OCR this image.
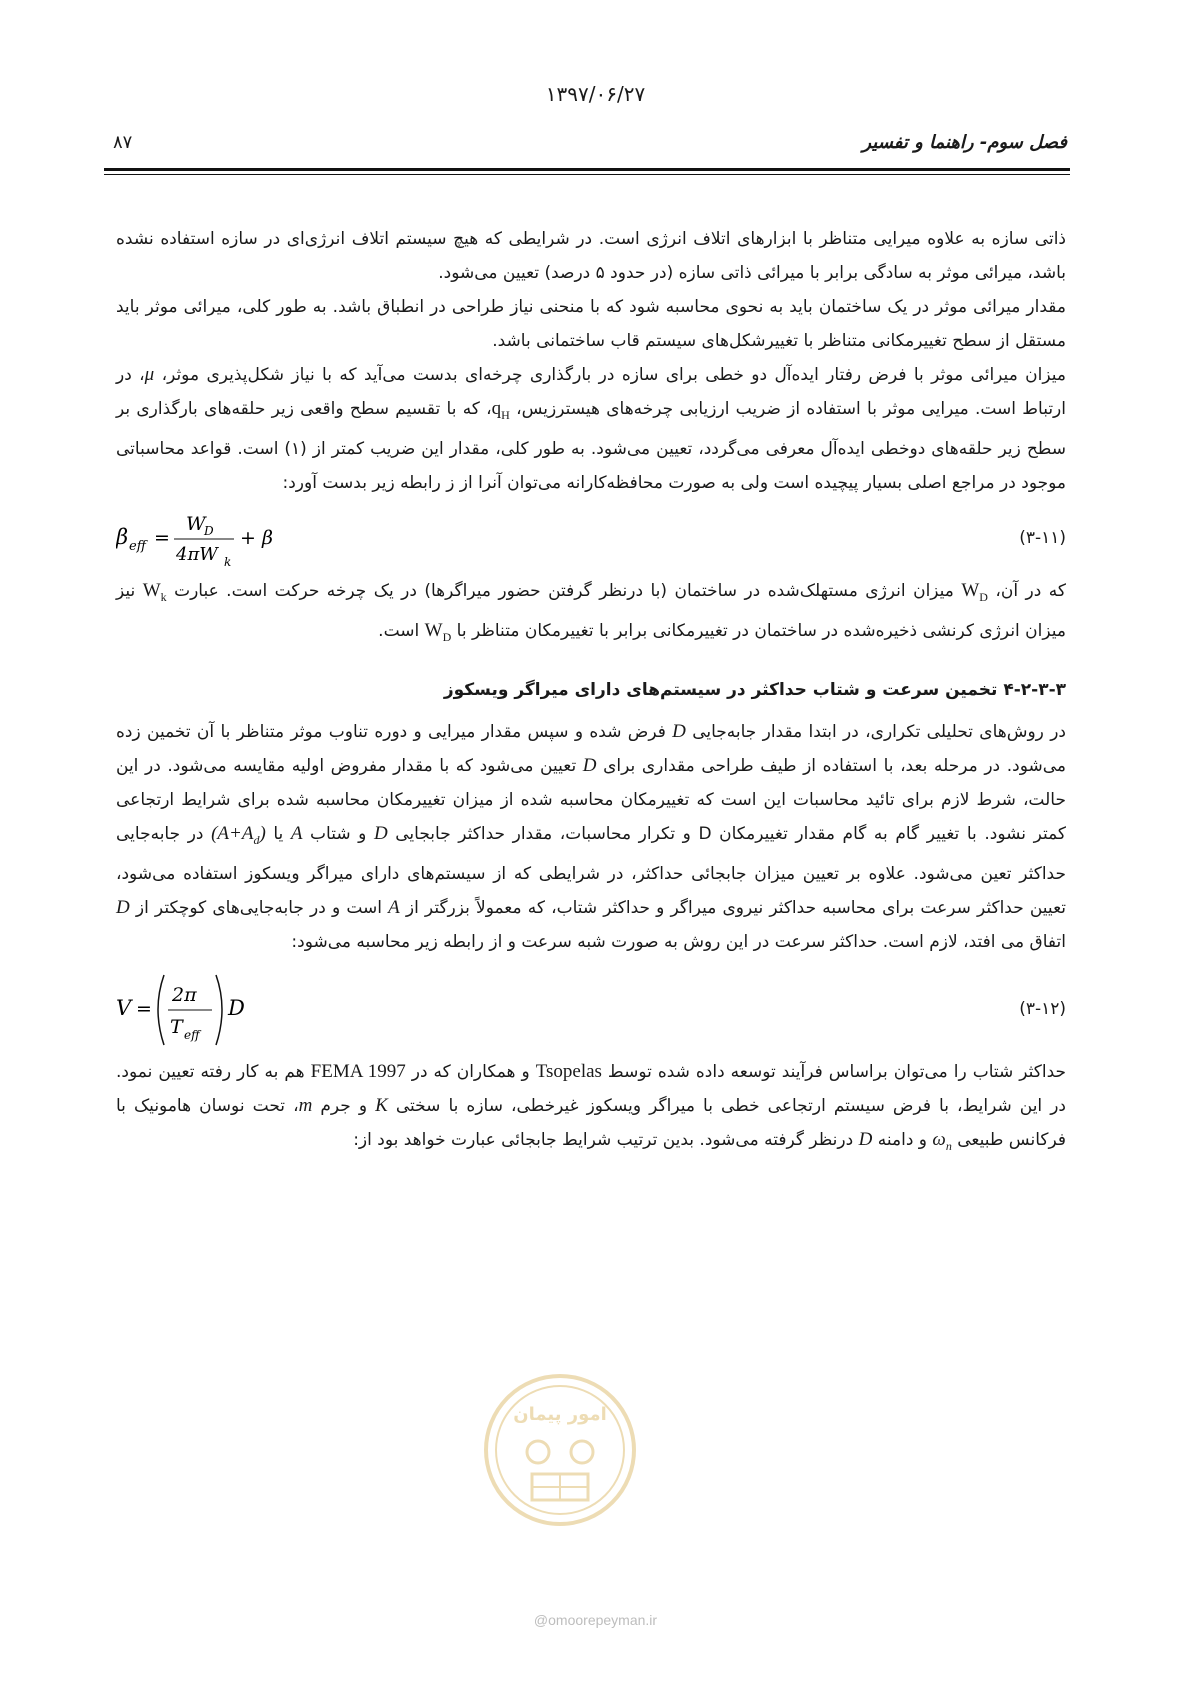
۱۳۹۷/۰۶/۲۷
فصل سوم- راهنما و تفسیر
۸۷

ذاتی سازه به علاوه میرایی متناظر با ابزارهای اتلاف انرژی است. در شرایطی که هیچ سیستم اتلاف انرژی‌ای در سازه استفاده نشده باشد، میرائی موثر به سادگی برابر با میرائی ذاتی سازه (در حدود ۵ درصد) تعیین می‌شود.

مقدار میرائی موثر در یک ساختمان باید به نحوی محاسبه شود که با منحنی نیاز طراحی در انطباق باشد. به طور کلی، میرائی موثر باید مستقل از سطح تغییرمکانی متناظر با تغییرشکل‌های سیستم قاب ساختمانی باشد.

میزان میرائی موثر با فرض رفتار ایده‌آل دو خطی برای سازه در بارگذاری چرخه‌ای بدست می‌آید که با نیاز شکل‌پذیری موثر، μ، در ارتباط است. میرایی موثر با استفاده از ضریب ارزیابی چرخه‌های هیسترزیس، $q_H،$ که با تقسیم سطح واقعی زیر حلقه‌های بارگذاری بر سطح زیر حلقه‌های دوخطی ایده‌آل معرفی می‌گردد، تعیین می‌شود. به طور کلی، مقدار این ضریب کمتر از (۱) است. قواعد محاسباتی موجود در مراجع اصلی بسیار پیچیده است ولی به صورت محافظه‌کارانه می‌توان آنرا از ز رابطه زیر بدست آورد:

β eff =
W
D
4πW k
+ β	(۳-۱۱)

که در آن، $W_D$ میزان انرژی مستهلک‌شده در ساختمان (با درنظر گرفتن حضور میراگرها) در یک چرخه حرکت است. عبارت $W_k$ نیز میزان انرژی کرنشی ذخیره‌شده در ساختمان در تغییرمکانی برابر با تغییرمکان متناظر با $W_D$ است.

۴-۲-۳-۳ تخمین سرعت و شتاب حداکثر در سیستم‌های دارای میراگر ویسکوز

در روش‌های تحلیلی تکراری، در ابتدا مقدار جابه‌جایی D فرض شده و سپس مقدار میرایی و دوره تناوب موثر متناظر با آن تخمین زده می‌شود. در مرحله بعد، با استفاده از طیف طراحی مقداری برای D تعیین می‌شود که با مقدار مفروض اولیه مقایسه می‌شود. در این حالت، شرط لازم برای تائید محاسبات این است که تغییرمکان محاسبه شده از میزان تغییرمکان محاسبه شده برای شرایط ارتجاعی کمتر نشود. با تغییر گام به گام مقدار تغییرمکان D و تکرار محاسبات، مقدار حداکثر جابجایی D و شتاب A یا $(A+A_d)$ در جابه‌جایی حداکثر تعین می‌شود. علاوه بر تعیین میزان جابجائی حداکثر، در شرایطی که از سیستم‌های دارای میراگر ویسکوز استفاده می‌شود، تعیین حداکثر سرعت برای محاسبه حداکثر نیروی میراگر و حداکثر شتاب، که معمولاً بزرگتر از A است و در جابه‌جایی‌های کوچکتر از D اتفاق می افتد، لازم است. حداکثر سرعت در این روش به صورت شبه سرعت و از رابطه زیر محاسبه می‌شود:

V =
2π
T eff
D	(۳-۱۲)

حداکثر شتاب را می‌توان براساس فرآیند توسعه داده شده توسط Tsopelas و همکاران که در FEMA 1997 هم به کار رفته تعیین نمود. در این شرایط، با فرض سیستم ارتجاعی خطی با میراگر ویسکوز غیرخطی، سازه با سختی K و جرم m، تحت نوسان هامونیک با فرکانس طبیعی $\omega_n$ و دامنه D درنظر گرفته می‌شود. بدین ترتیب شرایط جابجائی عبارت خواهد بود از:

امور پیمان
@omoorepeyman.ir
